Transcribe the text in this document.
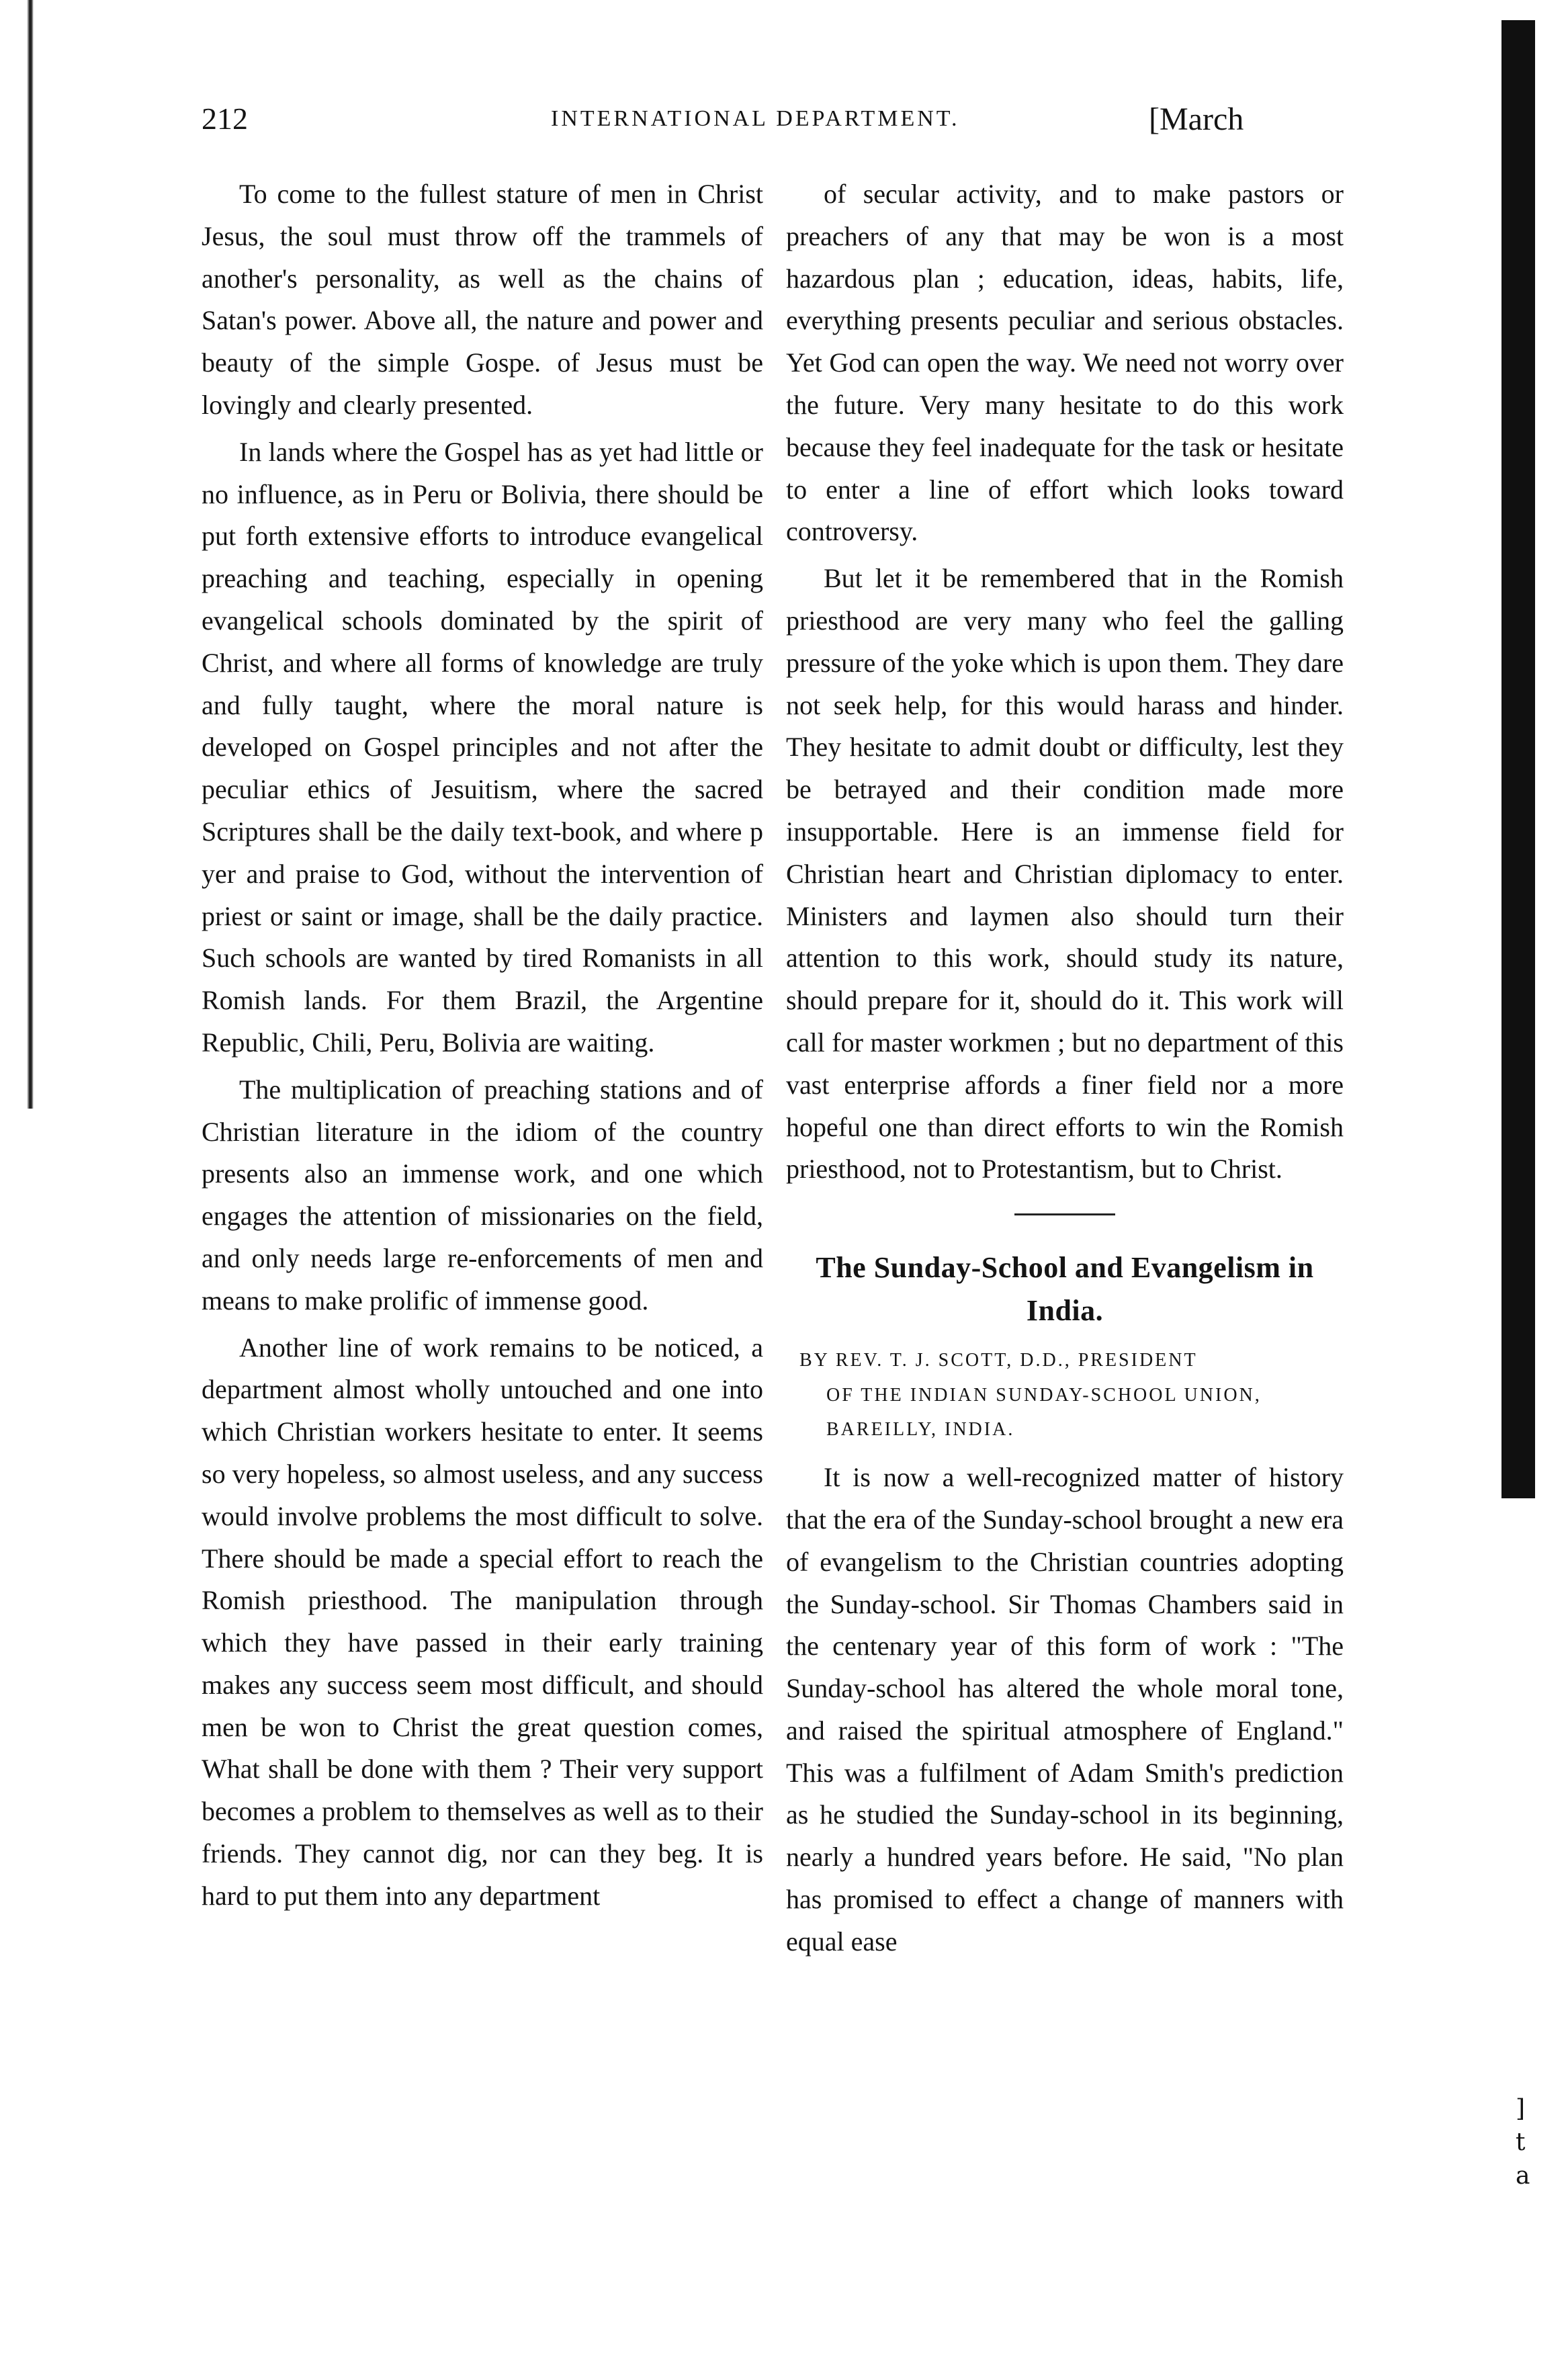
212	INTERNATIONAL DEPARTMENT.	[March

To come to the fullest stature of men in Christ Jesus, the soul must throw off the trammels of another's personality, as well as the chains of Satan's power. Above all, the nature and power and beauty of the simple Gospe. of Jesus must be lovingly and clearly presented.

In lands where the Gospel has as yet had little or no influence, as in Peru or Bolivia, there should be put forth extensive efforts to introduce evangelical preaching and teaching, especially in opening evangelical schools dominated by the spirit of Christ, and where all forms of knowledge are truly and fully taught, where the moral nature is developed on Gospel principles and not after the peculiar ethics of Jesuitism, where the sacred Scriptures shall be the daily text-book, and where p yer and praise to God, without the intervention of priest or saint or image, shall be the daily practice. Such schools are wanted by tired Romanists in all Romish lands. For them Brazil, the Argentine Republic, Chili, Peru, Bolivia are waiting.

The multiplication of preaching stations and of Christian literature in the idiom of the country presents also an immense work, and one which engages the attention of missionaries on the field, and only needs large re-enforcements of men and means to make prolific of immense good.

Another line of work remains to be noticed, a department almost wholly untouched and one into which Christian workers hesitate to enter. It seems so very hopeless, so almost useless, and any success would involve problems the most difficult to solve. There should be made a special effort to reach the Romish priesthood. The manipulation through which they have passed in their early training makes any success seem most difficult, and should men be won to Christ the great question comes, What shall be done with them ? Their very support becomes a problem to themselves as well as to their friends. They cannot dig, nor can they beg. It is hard to put them into any department

of secular activity, and to make pastors or preachers of any that may be won is a most hazardous plan ; education, ideas, habits, life, everything presents peculiar and serious obstacles. Yet God can open the way. We need not worry over the future. Very many hesitate to do this work because they feel inadequate for the task or hesitate to enter a line of effort which looks toward controversy.

But let it be remembered that in the Romish priesthood are very many who feel the galling pressure of the yoke which is upon them. They dare not seek help, for this would harass and hinder. They hesitate to admit doubt or difficulty, lest they be betrayed and their condition made more insupportable. Here is an immense field for Christian heart and Christian diplomacy to enter. Ministers and laymen also should turn their attention to this work, should study its nature, should prepare for it, should do it. This work will call for master workmen ; but no department of this vast enterprise affords a finer field nor a more hopeful one than direct efforts to win the Romish priesthood, not to Protestantism, but to Christ.

The Sunday-School and Evangelism in India.
BY REV. T. J. SCOTT, D.D., PRESIDENT
OF THE INDIAN SUNDAY-SCHOOL UNION,
BAREILLY, INDIA.

It is now a well-recognized matter of history that the era of the Sunday-school brought a new era of evangelism to the Christian countries adopting the Sunday-school. Sir Thomas Chambers said in the centenary year of this form of work : "The Sunday-school has altered the whole moral tone, and raised the spiritual atmosphere of England." This was a fulfilment of Adam Smith's prediction as he studied the Sunday-school in its beginning, nearly a hundred years before. He said, "No plan has promised to effect a change of manners with equal ease

]
t
a
